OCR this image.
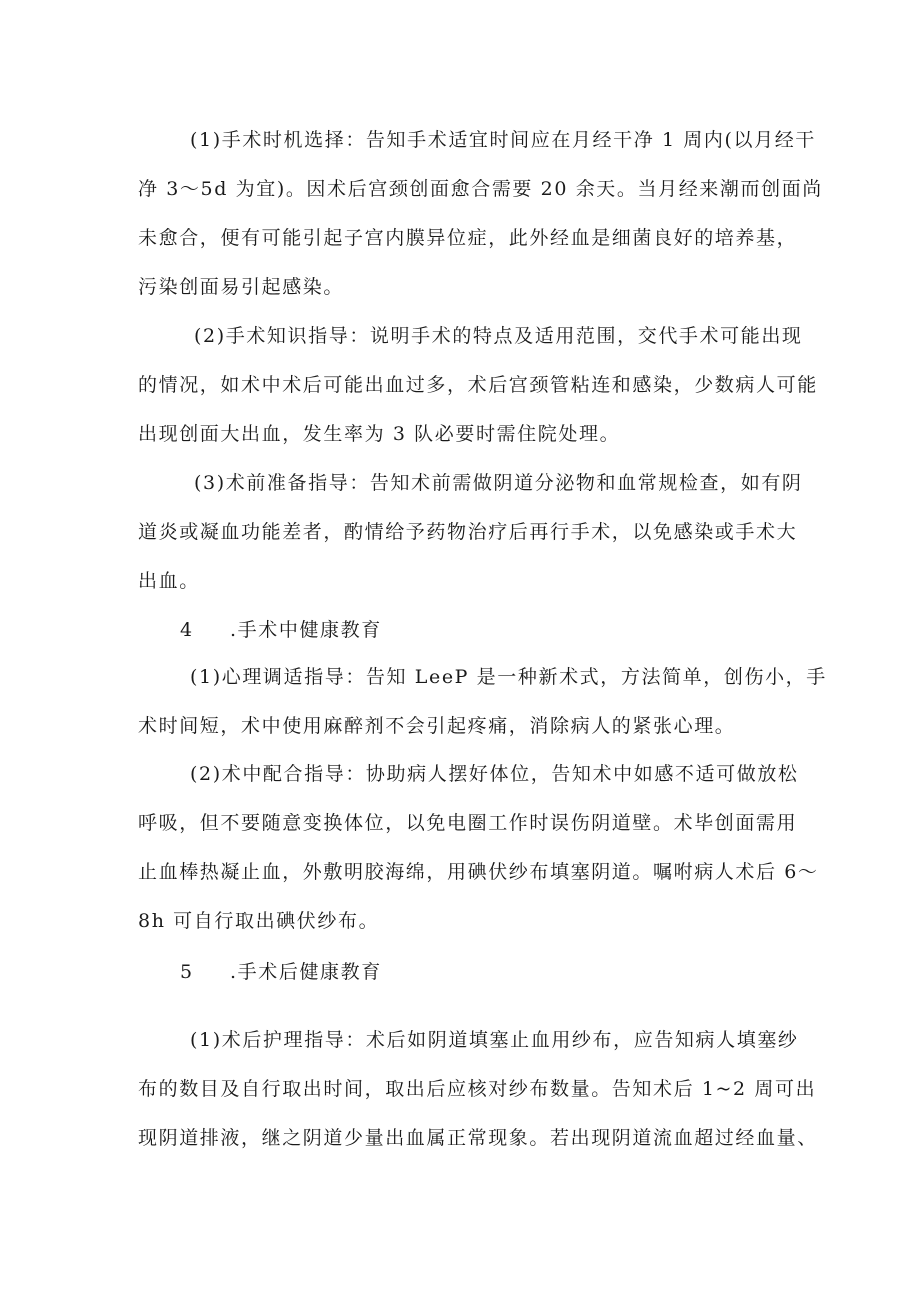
(1)手术时机选择：告知手术适宜时间应在月经干净 1 周内(以月经干
净 3～5d 为宜)。因术后宫颈创面愈合需要 20 余天。当月经来潮而创面尚
未愈合，便有可能引起子宫内膜异位症，此外经血是细菌良好的培养基，
污染创面易引起感染。
(2)手术知识指导：说明手术的特点及适用范围，交代手术可能出现
的情况，如术中术后可能出血过多，术后宫颈管粘连和感染，少数病人可能
出现创面大出血，发生率为 3 队必要时需住院处理。
(3)术前准备指导：告知术前需做阴道分泌物和血常规检查，如有阴
道炎或凝血功能差者，酌情给予药物治疗后再行手术，以免感染或手术大
出血。
4 .手术中健康教育
(1)心理调适指导：告知 LeeP 是一种新术式，方法简单，创伤小，手
术时间短，术中使用麻醉剂不会引起疼痛，消除病人的紧张心理。
(2)术中配合指导：协助病人摆好体位，告知术中如感不适可做放松
呼吸，但不要随意变换体位，以免电圈工作时误伤阴道壁。术毕创面需用
止血棒热凝止血，外敷明胶海绵，用碘伏纱布填塞阴道。嘱咐病人术后 6～
8h 可自行取出碘伏纱布。
5 .手术后健康教育
(1)术后护理指导：术后如阴道填塞止血用纱布，应告知病人填塞纱
布的数目及自行取出时间，取出后应核对纱布数量。告知术后 1~2 周可出
现阴道排液，继之阴道少量出血属正常现象。若出现阴道流血超过经血量、
